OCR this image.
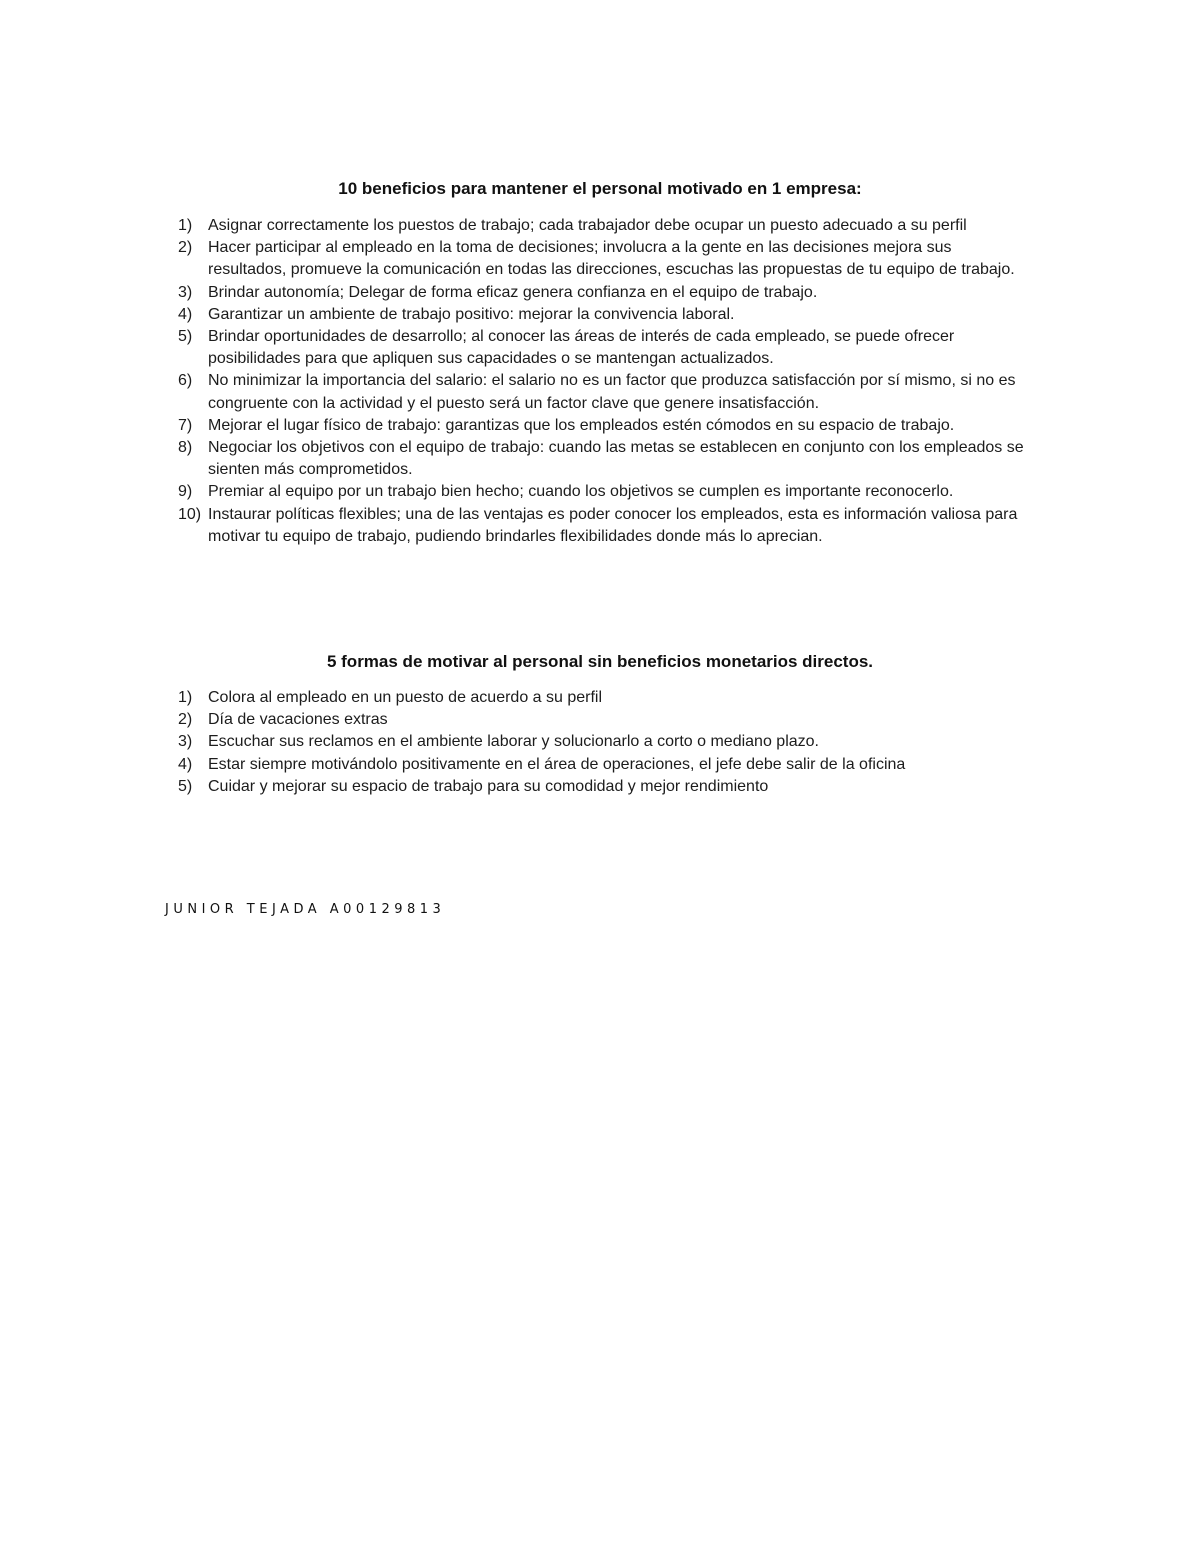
10 beneficios para mantener el personal motivado en 1 empresa:
1) Asignar correctamente los puestos de trabajo; cada trabajador debe ocupar un puesto adecuado a su perfil
2) Hacer participar al empleado en la toma de decisiones; involucra a la gente en las decisiones mejora sus resultados, promueve la comunicación en todas las direcciones, escuchas las propuestas de tu equipo de trabajo.
3) Brindar autonomía; Delegar de forma eficaz genera confianza en el equipo de trabajo.
4) Garantizar un ambiente de trabajo positivo: mejorar la convivencia laboral.
5) Brindar oportunidades de desarrollo; al conocer las áreas de interés de cada empleado, se puede ofrecer posibilidades para que apliquen sus capacidades o se mantengan actualizados.
6) No minimizar la importancia del salario: el salario no es un factor que produzca satisfacción por sí mismo, si no es congruente con la actividad y el puesto será un factor clave que genere insatisfacción.
7) Mejorar el lugar físico de trabajo: garantizas que los empleados estén cómodos en su espacio de trabajo.
8) Negociar los objetivos con el equipo de trabajo: cuando las metas se establecen en conjunto con los empleados se sienten más comprometidos.
9) Premiar al equipo por un trabajo bien hecho; cuando los objetivos se cumplen es importante reconocerlo.
10) Instaurar políticas flexibles; una de las ventajas es poder conocer los empleados, esta es información valiosa para motivar tu equipo de trabajo, pudiendo brindarles flexibilidades donde más lo aprecian.
5 formas de motivar al personal sin beneficios monetarios directos.
1) Colora al empleado en un puesto de acuerdo a su perfil
2) Día de vacaciones extras
3) Escuchar sus reclamos en el ambiente laborar y solucionarlo a corto o mediano plazo.
4) Estar siempre motivándolo positivamente en el área de operaciones, el jefe debe salir de la oficina
5) Cuidar y mejorar su espacio de trabajo para su comodidad y mejor rendimiento
JUNIOR TEJADA A00129813
